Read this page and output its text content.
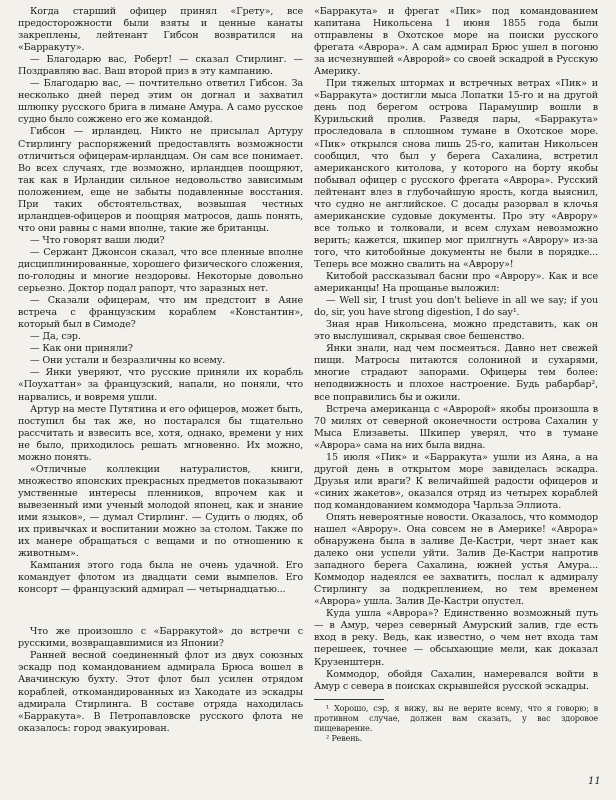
Когда старший офицер принял «Грету», все предосторожности были взяты и ценные канаты закреплены, лейтенант Гибсон возвратился на «Барракуту».

— Благодарю вас, Роберт! — сказал Стирлинг. — Поздравляю вас. Ваш второй приз в эту кампанию.

— Благодарю вас, — почтительно ответил Гибсон. За несколько дней перед этим он догнал и захватил шлюпку русского брига в лимане Амура. А само русское судно было сожжено его же командой.

Гибсон — ирландец. Никто не присылал Артуру Стирлингу распоряжений предоставлять возможности отличиться офицерам-ирландцам. Он сам все понимает. Во всех случаях, где возможно, ирландцев поощряют, так как в Ирландии сильное недовольство зависимым положением, еще не забыты подавленные восстания. При таких обстоятельствах, возвышая честных ирландцев-офицеров и поощряя матросов, дашь понять, что они равны с нами вполне, такие же британцы.

— Что говорят ваши люди?

— Сержант Джонсон сказал, что все пленные вполне дисциплинированные, хорошего физического сложения, по-голодны и многие нездоровы. Некоторые довольно серьезно. Доктор подал рапорт, что заразных нет.

— Сказали офицерам, что им предстоит в Аяне встреча с французским кораблем «Константин», который был в Симоде?

— Да, сэр.

— Как они приняли?

— Они устали и безразличны ко всему.

— Янки уверяют, что русские приняли их корабль «Поухаттан» за французский, напали, но поняли, что нарвались, и вовремя ушли.

Артур на месте Путятина и его офицеров, может быть, поступил бы так же, но постарался бы тщательно рассчитать и взвесить все, хотя, однако, времени у них не было, приходилось решать мгновенно. Их можно, можно понять.

«Отличные коллекции натуралистов, книги, множество японских прекрасных предметов показывают умственные интересы пленников, впрочем как и вывезенный ими ученый молодой японец, как и знание ими языков», — думал Стирлинг. — Судить о людях, об их привычках и воспитании можно за столом. Также по их манере обращаться с вещами и по отношению к животным».

Кампания этого года была не очень удачной. Его командует флотом из двадцати семи вымпелов. Его консорт — французский адмирал — четырнадцатью...

Что же произошло с «Барракутой» до встречи с русскими, возвращавшимися из Японии?

Ранней весной соединенный флот из двух союзных эскадр под командованием адмирала Брюса вошел в Авачинскую бухту. Этот флот был усилен отрядом кораблей, откомандированных из Хакодате из эскадры адмирала Стирлинга. В составе отряда находилась «Барракута». В Петропавловске русского флота не оказалось: город эвакуирован.

«Барракута» и фрегат «Пик» под командованием капитана Никольсена 1 июня 1855 года были отправлены в Охотское море на поиски русского фрегата «Аврора». А сам адмирал Брюс ушел в погоню за исчезнувшей «Авророй» со своей эскадрой в Русскую Америку.

При тяжелых штормах и встречных ветрах «Пик» и «Барракута» достигли мыса Лопатки 15-го и на другой день под берегом острова Парамушир вошли в Курильский пролив. Разведя пары, «Барракута» проследовала в сплошном тумане в Охотское море. «Пик» открылся снова лишь 25-го, капитан Никольсен сообщил, что был у берега Сахалина, встретил американского китолова, у которого на борту якобы побывал офицер с русского фрегата «Аврора». Русский лейтенант влез в глубочайшую ярость, когда выяснил, что судно не английское. С досады разорвал в клочья американские судовые документы. Про эту «Аврору» все только и толковали, и всем слухам невозможно верить; кажется, шкипер мог прилгнуть «Аврору» из-за того, что китобойные документы не были в порядке... Теперь все можно свалить на «Аврору»!

Китобой рассказывал басни про «Аврору». Как и все американцы! На прощанье выложил:

— Well sir, I trust you don't believe in all we say; if you do, sir, you have strong digestion, I do say¹.

Зная нрав Никольсена, можно представить, как он это выслушивал, скрывая свое бешенство.

Янки знали, над чем посмеяться. Давно нет свежей пищи. Матросы питаются солониной и сухарями, многие страдают запорами. Офицеры тем более: неподвижность и плохое настроение. Будь рабарбар², все поправились бы и ожили.

Встреча американца с «Авророй» якобы произошла в 70 милях от северной оконечности острова Сахалин у Мыса Елизаветы. Шкипер уверял, что в тумане «Аврора» сама на них была видна.

15 июля «Пик» и «Барракута» ушли из Аяна, а на другой день в открытом море завиделась эскадра. Друзья или враги? К величайшей радости офицеров и «синих жакетов», оказался отряд из четырех кораблей под командованием коммодора Чарльза Эллиота.

Опять невероятные новости. Оказалось, что коммодор нашел «Аврору». Она совсем не в Америке! «Аврора» обнаружена была в заливе Де-Кастри, черт знает как далеко они успели уйти. Залив Де-Кастри напротив западного берега Сахалина, южней устья Амура... Коммодор надеялся ее захватить, послал к адмиралу Стирлингу за подкреплением, но тем временем «Аврора» ушла. Залив Де-Кастри опустел.

Куда ушла «Аврора»? Единственно возможный путь — в Амур, через северный Амурский залив, где есть вход в реку. Ведь, как известно, о чем нет входа там перешеек, точнее — обсыхающие мели, как доказал Крузенштерн.

Коммодор, обойдя Сахалин, намеревался войти в Амур с севера в поисках скрывшейся русской эскадры.

¹ Хорошо, сэр, я вижу, вы не верите всему, что я говорю; в противном случае, должен вам сказать, у вас здоровое пищеварение.

² Ревень.

11
